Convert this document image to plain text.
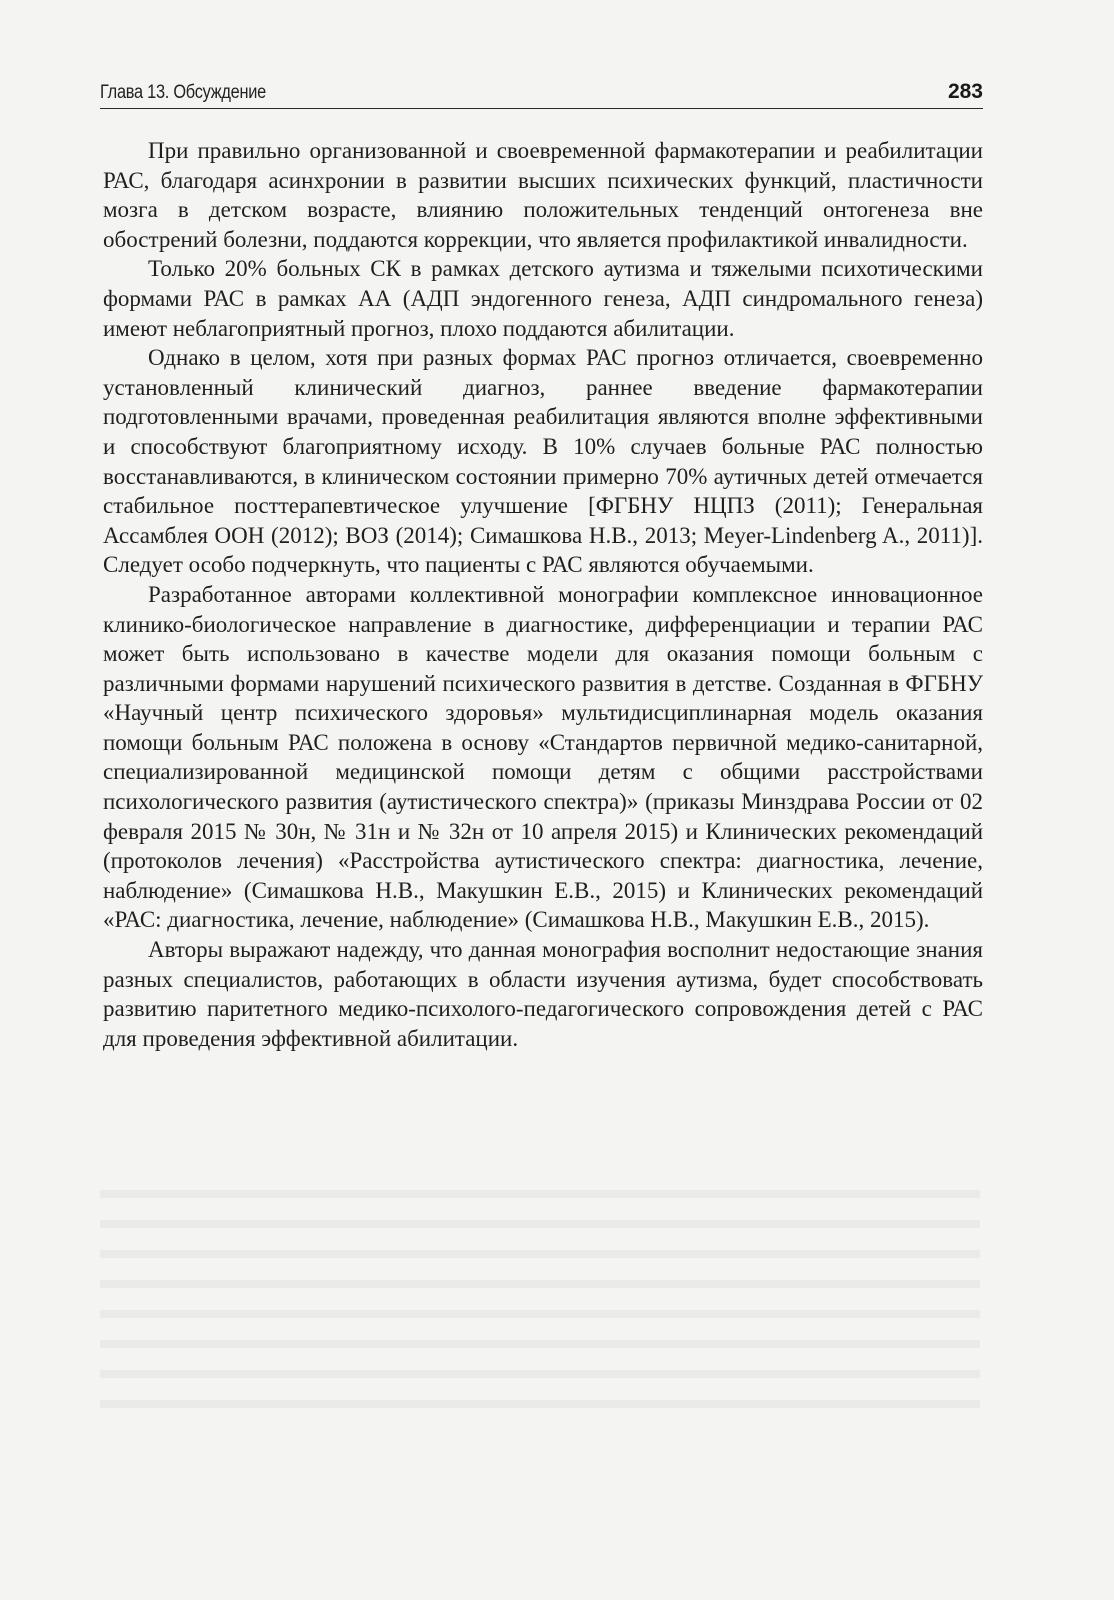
Глава 13. Обсуждение	283

При правильно организованной и своевременной фармакотерапии и реабилитации РАС, благодаря асинхронии в развитии высших психических функций, пластичности мозга в детском возрасте, влиянию положительных тенденций онтогенеза вне обострений болезни, поддаются коррекции, что является профилактикой инвалидности.

Только 20% больных СК в рамках детского аутизма и тяжелыми психотическими формами РАС в рамках АА (АДП эндогенного генеза, АДП синдромального генеза) имеют неблагоприятный прогноз, плохо поддаются абилитации.

Однако в целом, хотя при разных формах РАС прогноз отличается, своевременно установленный клинический диагноз, раннее введение фармакотерапии подготовленными врачами, проведенная реабилитация являются вполне эффективными и способствуют благоприятному исходу. В 10% случаев больные РАС полностью восстанавливаются, в клиническом состоянии примерно 70% аутичных детей отмечается стабильное посттерапевтическое улучшение [ФГБНУ НЦПЗ (2011); Генеральная Ассамблея ООН (2012); ВОЗ (2014); Симашкова Н.В., 2013; Meyer-Lindenberg A., 2011)]. Следует особо подчеркнуть, что пациенты с РАС являются обучаемыми.

Разработанное авторами коллективной монографии комплексное инновационное клинико-биологическое направление в диагностике, дифференциации и терапии РАС может быть использовано в качестве модели для оказания помощи больным с различными формами нарушений психического развития в детстве. Созданная в ФГБНУ «Научный центр психического здоровья» мультидисциплинарная модель оказания помощи больным РАС положена в основу «Стандартов первичной медико-санитарной, специализированной медицинской помощи детям с общими расстройствами психологического развития (аутистического спектра)» (приказы Минздрава России от 02 февраля 2015 № 30н, № 31н и № 32н от 10 апреля 2015) и Клинических рекомендаций (протоколов лечения) «Расстройства аутистического спектра: диагностика, лечение, наблюдение» (Симашкова Н.В., Макушкин Е.В., 2015) и Клинических рекомендаций «РАС: диагностика, лечение, наблюдение» (Симашкова Н.В., Макушкин Е.В., 2015).

Авторы выражают надежду, что данная монография восполнит недостающие знания разных специалистов, работающих в области изучения аутизма, будет способствовать развитию паритетного медико-психолого-педагогического сопровождения детей с РАС для проведения эффективной абилитации.
